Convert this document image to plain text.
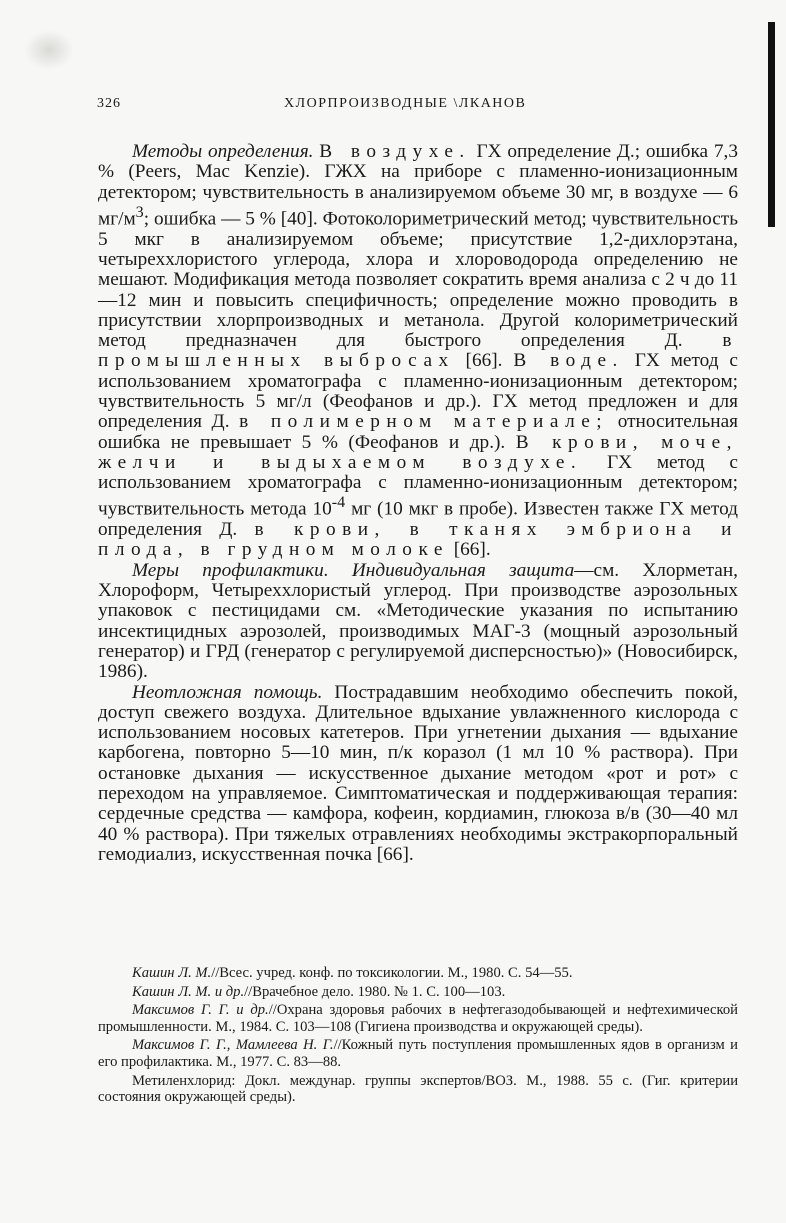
326	ХЛОРПРОИЗВОДНЫЕ \ЛКАНОВ

Методы определения. В воздухе. ГХ определение Д.; ошибка 7,3 % (Peers, Mac Kenzie). ГЖХ на приборе с пламенно-ионизационным детектором; чувствительность в анализируемом объеме 30 мг, в воздухе — 6 $мг/м^3$; ошибка — 5 % [40]. Фотоколориметрический метод; чувствительность 5 мкг в анализируемом объеме; присутствие 1,2-дихлорэтана, четыреххлористого углерода, хлора и хлороводорода определению не мешают. Модификация метода позволяет сократить время анализа с 2 ч до 11—12 мин и повысить специфичность; определение можно проводить в присутствии хлорпроизводных и метанола. Другой колориметрический метод предназначен для быстрого определения Д. в промышленных выбросах [66]. В воде. ГХ метод с использованием хроматографа с пламенно-ионизационным детектором; чувствительность 5 мг/л (Феофанов и др.). ГХ метод предложен и для определения Д. в полимерном материале; относительная ошибка не превышает 5 % (Феофанов и др.). В крови, моче, желчи и выдыхаемом воздухе. ГХ метод с использованием хроматографа с пламенно-ионизационным детектором; чувствительность метода $10^{-4}$ мг (10 мкг в пробе). Известен также ГХ метод определения Д. в крови, в тканях эмбриона и плода, в грудном молоке [66].

Меры профилактики. Индивидуальная защита—см. Хлорметан, Хлороформ, Четыреххлористый углерод. При производстве аэрозольных упаковок с пестицидами см. «Методические указания по испытанию инсектицидных аэрозолей, производимых МАГ-3 (мощный аэрозольный генератор) и ГРД (генератор с регулируемой дисперсностью)» (Новосибирск, 1986).

Неотложная помощь. Пострадавшим необходимо обеспечить покой, доступ свежего воздуха. Длительное вдыхание увлажненного кислорода с использованием носовых катетеров. При угнетении дыхания — вдыхание карбогена, повторно 5—10 мин, п/к коразол (1 мл 10 % раствора). При остановке дыхания — искусственное дыхание методом «рот и рот» с переходом на управляемое. Симптоматическая и поддерживающая терапия: сердечные средства — камфора, кофеин, кордиамин, глюкоза в/в (30—40 мл 40 % раствора). При тяжелых отравлениях необходимы экстракорпоральный гемодиализ, искусственная почка [66].

Кашин Л. М.//Всес. учред. конф. по токсикологии. М., 1980. С. 54—55.

Кашин Л. М. и др.//Врачебное дело. 1980. № 1. С. 100—103.

Максимов Г. Г. и др.//Охрана здоровья рабочих в нефтегазодобывающей и нефтехимической промышленности. М., 1984. С. 103—108 (Гигиена производства и окружающей среды).

Максимов Г. Г., Мамлеева Н. Г.//Кожный путь поступления промышленных ядов в организм и его профилактика. М., 1977. С. 83—88.

Метиленхлорид: Докл. междунар. группы экспертов/ВОЗ. М., 1988. 55 с. (Гиг. критерии состояния окружающей среды).
